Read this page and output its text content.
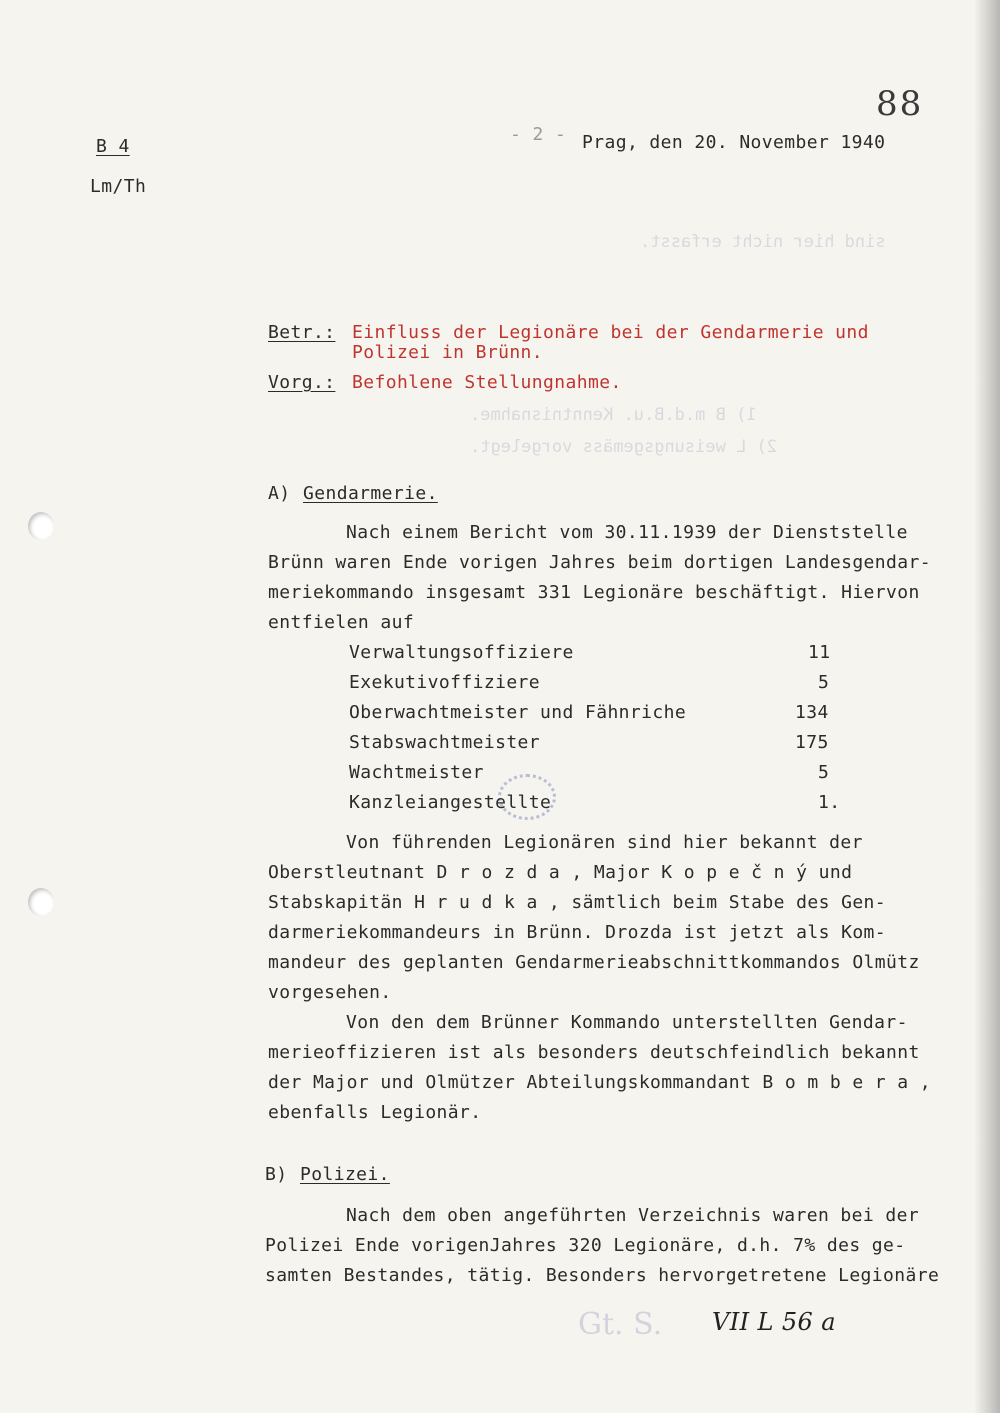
sind hier nicht erfasst.
1) B m.d.B.u. Kenntnisnahme.
2) L weisungsgemäss vorgelegt.
88
- 2 -
B 4
Lm/Th
Prag, den 20. November 1940
Betr.: Einfluss der Legionäre bei der Gendarmerie und
Polizei in Brünn.
Vorg.: Befohlene Stellungnahme.
A) Gendarmerie.
Nach einem Bericht vom 30.11.1939 der Dienststelle
Brünn waren Ende vorigen Jahres beim dortigen Landesgendar-
meriekommando insgesamt 331 Legionäre beschäftigt. Hiervon
entfielen auf
Verwaltungsoffiziere	11
Exekutivoffiziere	5
Oberwachtmeister und Fähnriche	134
Stabswachtmeister	175
Wachtmeister	5
Kanzleiangestellte	1.
Von führenden Legionären sind hier bekannt der
Oberstleutnant D r o z d a , Major K o p e č n ý und
Stabskapitän H r u d k a , sämtlich beim Stabe des Gen-
darmeriekommandeurs in Brünn. Drozda ist jetzt als Kom-
mandeur des geplanten Gendarmerieabschnittkommandos Olmütz
vorgesehen.
Von den dem Brünner Kommando unterstellten Gendar-
merieoffizieren ist als besonders deutschfeindlich bekannt
der Major und Olmützer Abteilungskommandant B o m b e r a ,
ebenfalls Legionär.
B) Polizei.
Nach dem oben angeführten Verzeichnis waren bei der
Polizei Ende vorigenJahres 320 Legionäre, d.h. 7% des ge-
samten Bestandes, tätig. Besonders hervorgetretene Legionäre
Gt. S.	VII L 56 a
